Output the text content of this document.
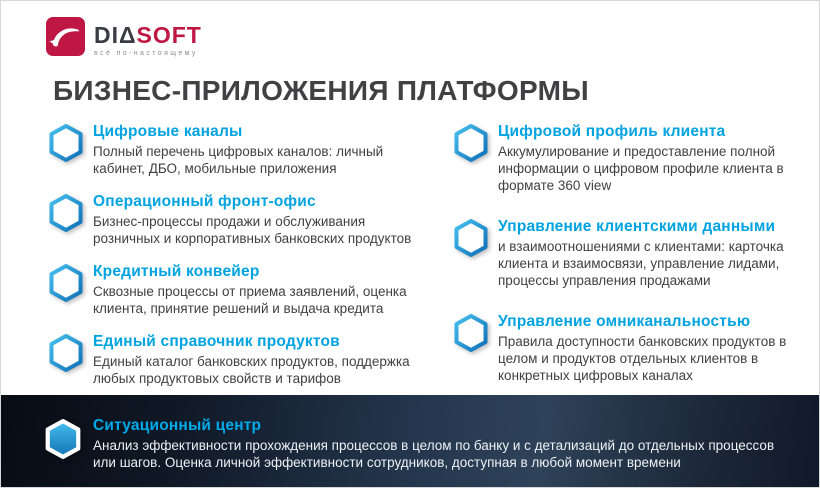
DIΔSOFT
всё по-настоящему
БИЗНЕС-ПРИЛОЖЕНИЯ ПЛАТФОРМЫ
Цифровые каналы

Полный перечень цифровых каналов: личный кабинет, ДБО, мобильные приложения

Операционный фронт-офис

Бизнес-процессы продажи и обслуживания розничных и корпоративных банковских продуктов

Кредитный конвейер

Сквозные процессы от приема заявлений, оценка клиента, принятие решений и выдача кредита

Единый справочник продуктов

Единый каталог банковских продуктов, поддержка любых продуктовых свойств и тарифов

Цифровой профиль клиента

Аккумулирование и предоставление полной информации о цифровом профиле клиента в формате 360 view

Управление клиентскими данными

и взаимоотношениями с клиентами: карточка клиента и взаимосвязи, управление лидами, процессы управления продажами

Управление омниканальностью

Правила доступности банковских продуктов в целом и продуктов отдельных клиентов в конкретных цифровых каналах

Ситуационный центр

Анализ эффективности прохождения процессов в целом по банку и с детализаций до отдельных процессов или шагов. Оценка личной эффективности сотрудников, доступная в любой момент времени
